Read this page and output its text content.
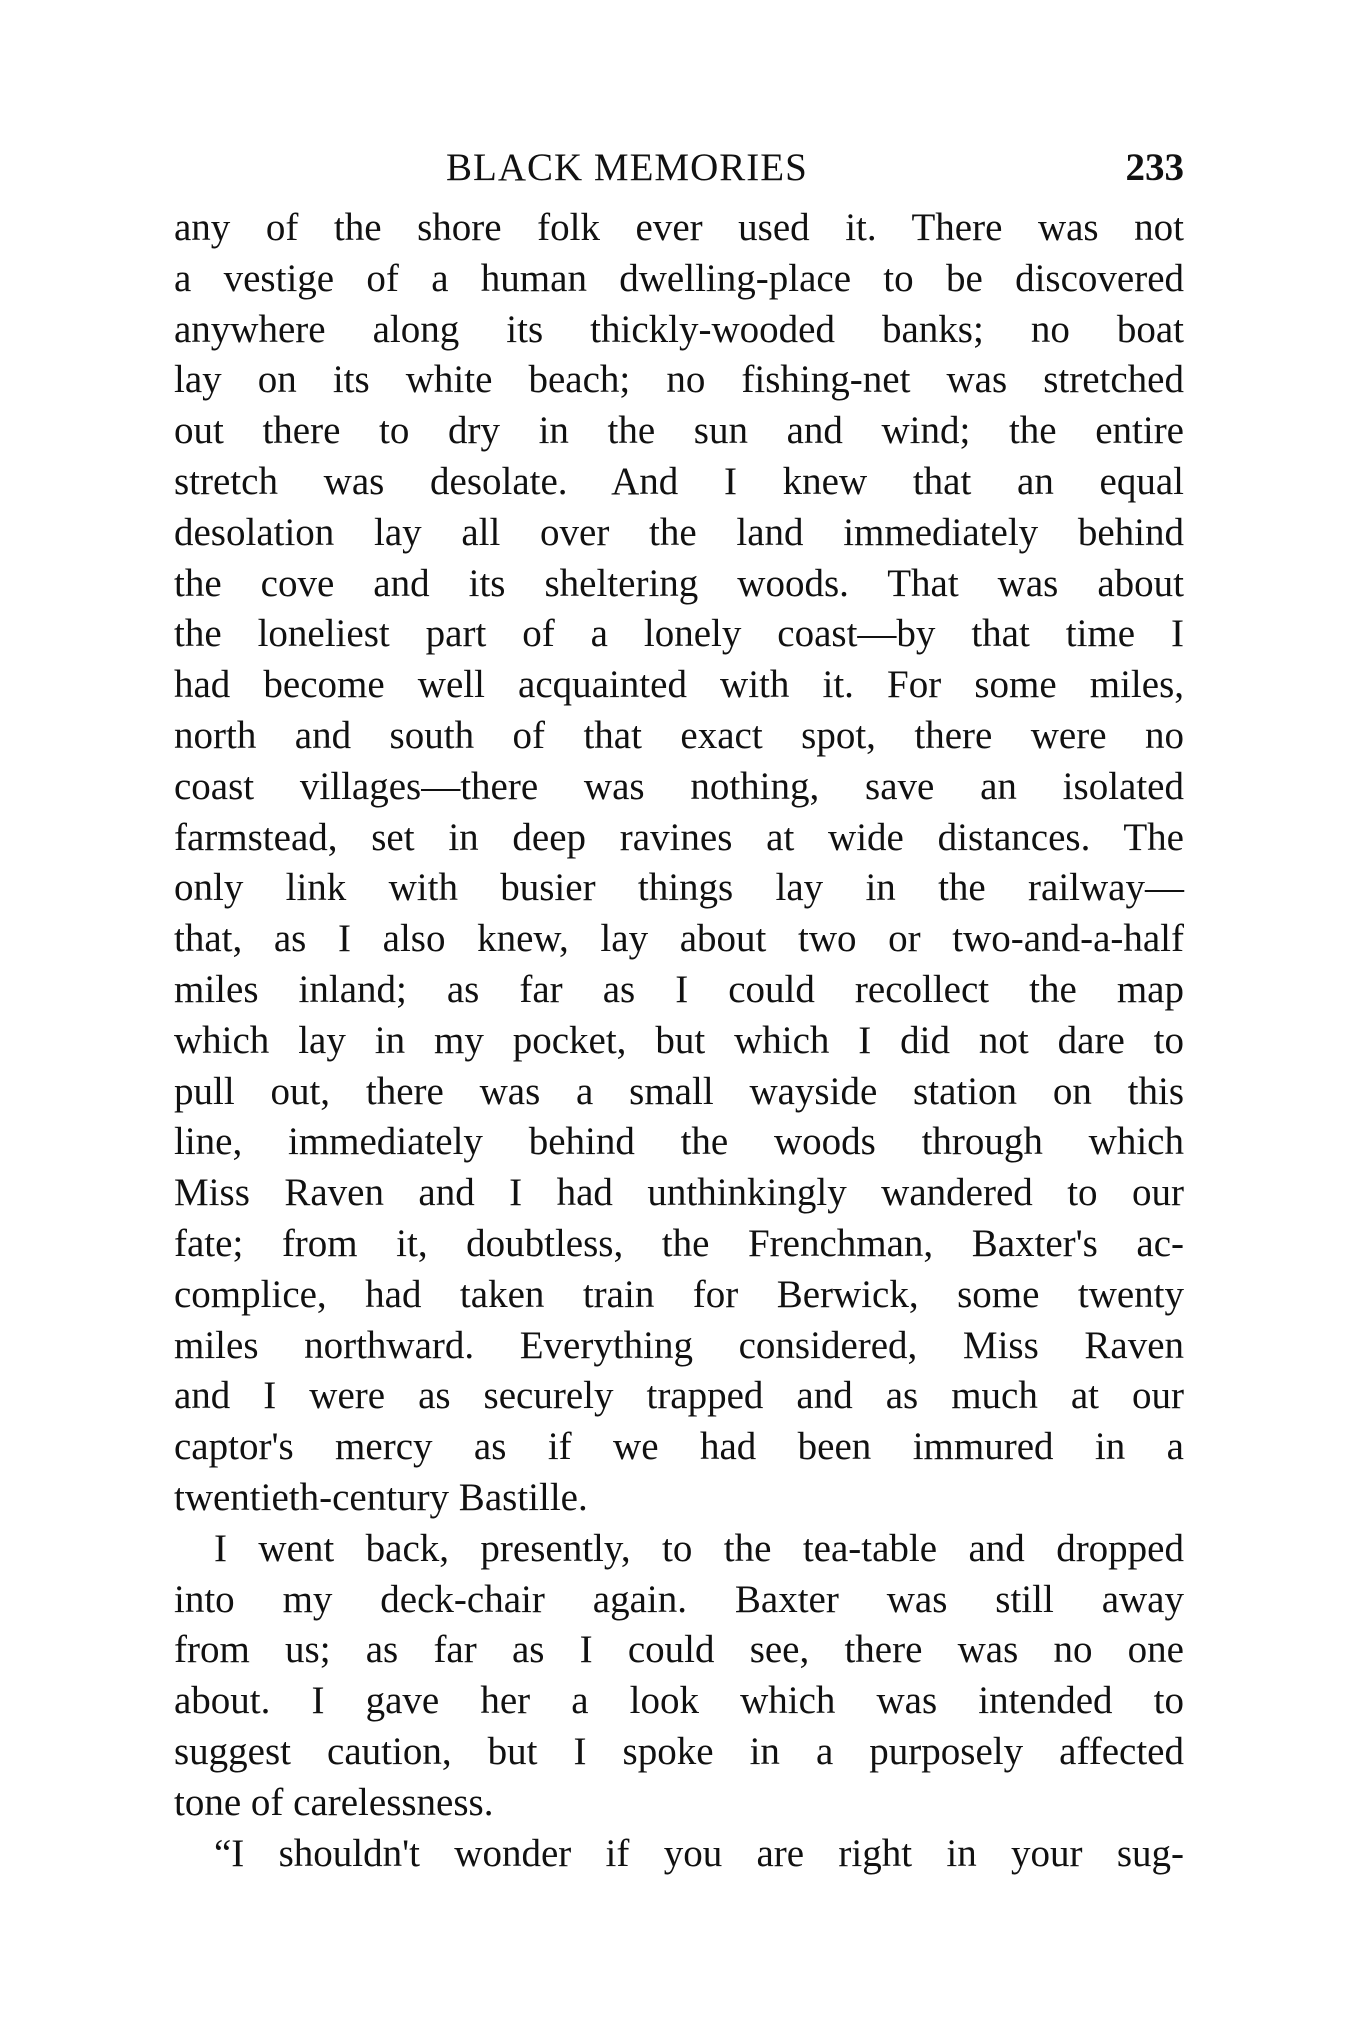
BLACK MEMORIES	233
any of the shore folk ever used it. There was not
a vestige of a human dwelling-place to be discovered
anywhere along its thickly-wooded banks; no boat
lay on its white beach; no fishing-net was stretched
out there to dry in the sun and wind; the entire
stretch was desolate. And I knew that an equal
desolation lay all over the land immediately behind
the cove and its sheltering woods. That was about
the loneliest part of a lonely coast—by that time I
had become well acquainted with it. For some miles,
north and south of that exact spot, there were no
coast villages—there was nothing, save an isolated
farmstead, set in deep ravines at wide distances. The
only link with busier things lay in the railway—
that, as I also knew, lay about two or two-and-a-half
miles inland; as far as I could recollect the map
which lay in my pocket, but which I did not dare to
pull out, there was a small wayside station on this
line, immediately behind the woods through which
Miss Raven and I had unthinkingly wandered to our
fate; from it, doubtless, the Frenchman, Baxter's ac-
complice, had taken train for Berwick, some twenty
miles northward. Everything considered, Miss Raven
and I were as securely trapped and as much at our
captor's mercy as if we had been immured in a
twentieth-century Bastille.
I went back, presently, to the tea-table and dropped
into my deck-chair again. Baxter was still away
from us; as far as I could see, there was no one
about. I gave her a look which was intended to
suggest caution, but I spoke in a purposely affected
tone of carelessness.
“I shouldn't wonder if you are right in your sug-
